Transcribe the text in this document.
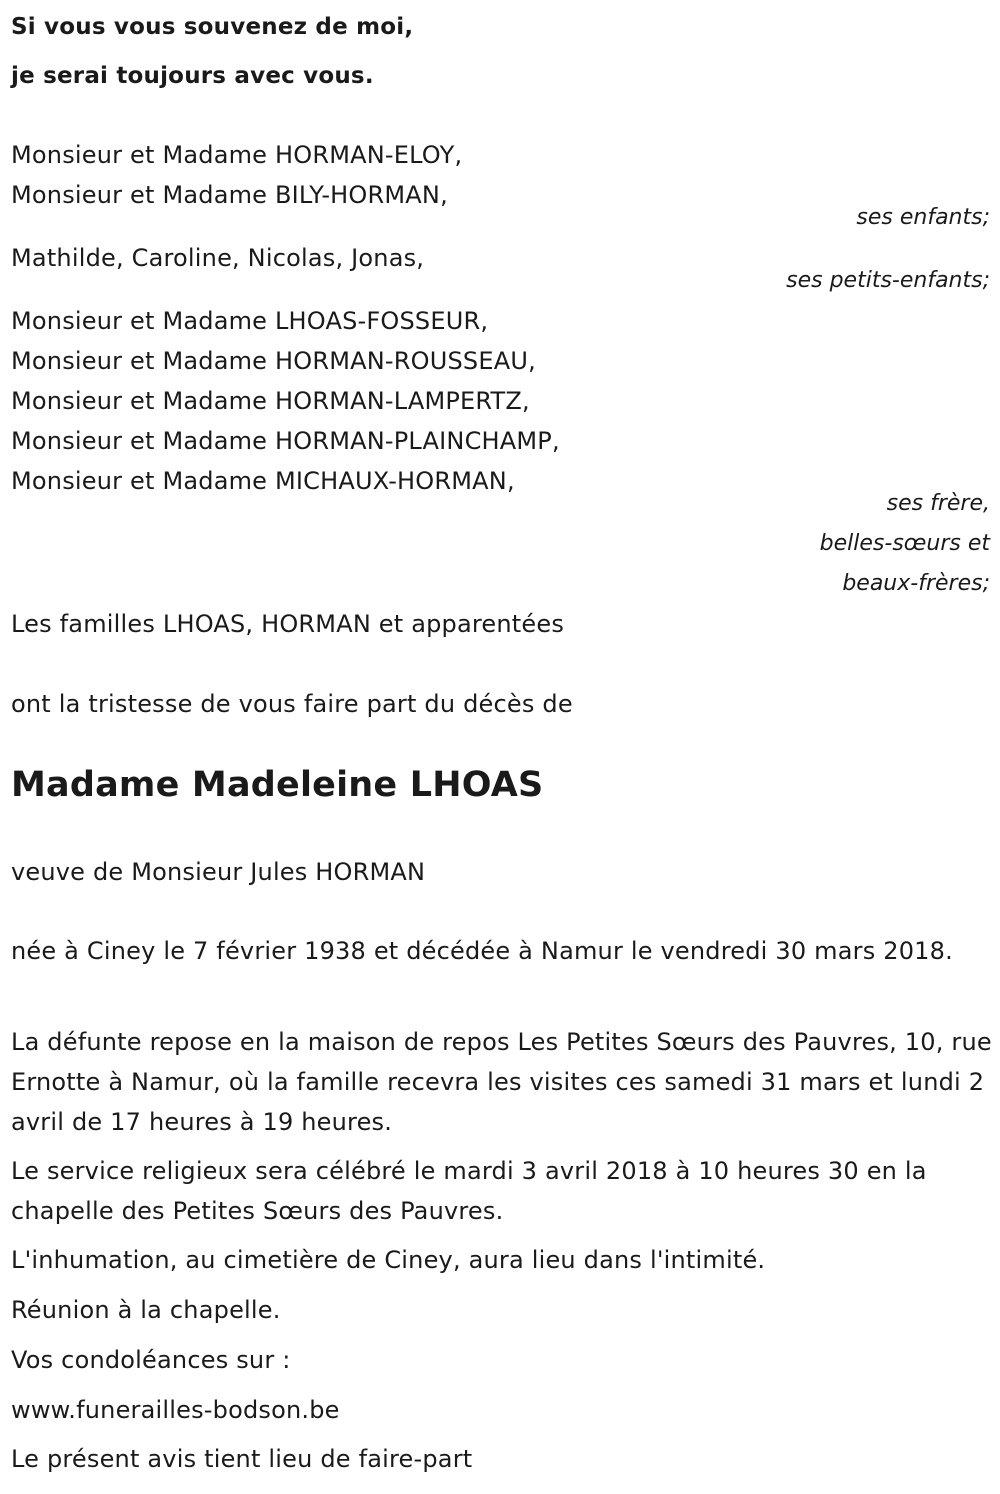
Si vous vous souvenez de moi,
je serai toujours avec vous.
Monsieur et Madame HORMAN-ELOY,
Monsieur et Madame BILY-HORMAN,
ses enfants;
Mathilde, Caroline, Nicolas, Jonas,
ses petits-enfants;
Monsieur et Madame LHOAS-FOSSEUR,
Monsieur et Madame HORMAN-ROUSSEAU,
Monsieur et Madame HORMAN-LAMPERTZ,
Monsieur et Madame HORMAN-PLAINCHAMP,
Monsieur et Madame MICHAUX-HORMAN,
ses frère,
belles-sœurs et
beaux-frères;
Les familles LHOAS, HORMAN et apparentées
ont la tristesse de vous faire part du décès de
Madame Madeleine LHOAS
veuve de Monsieur Jules HORMAN
née à Ciney le 7 février 1938 et décédée à Namur le vendredi 30 mars 2018.
La défunte repose en la maison de repos Les Petites Sœurs des Pauvres, 10, rue Ernotte à Namur, où la famille recevra les visites ces samedi 31 mars et lundi 2 avril de 17 heures à 19 heures.
Le service religieux sera célébré le mardi 3 avril 2018 à 10 heures 30 en la chapelle des Petites Sœurs des Pauvres.
L'inhumation, au cimetière de Ciney, aura lieu dans l'intimité.
Réunion à la chapelle.
Vos condoléances sur :
www.funerailles-bodson.be
Le présent avis tient lieu de faire-part
